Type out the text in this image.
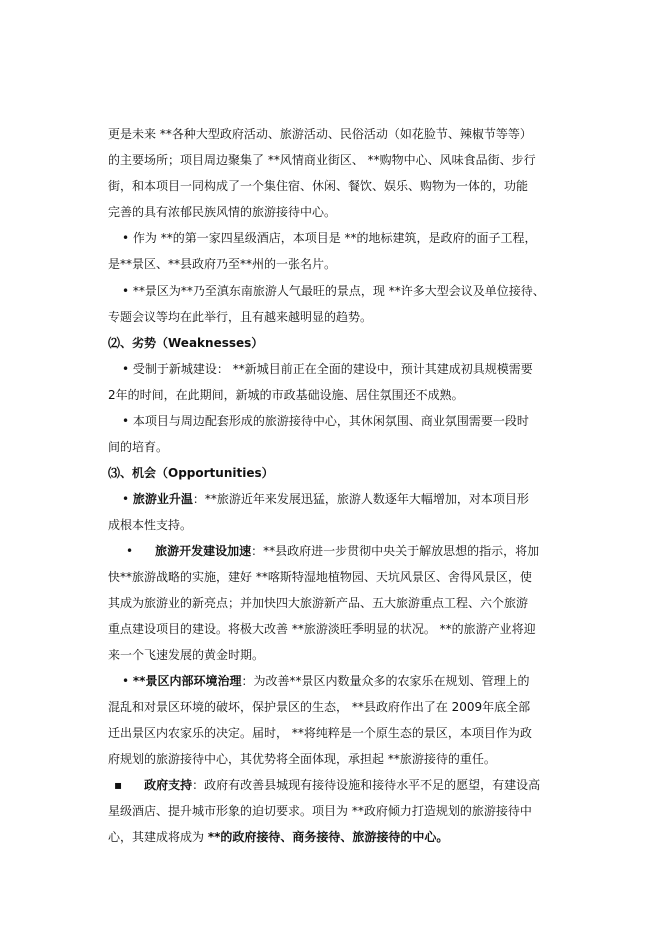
更是未来 **各种大型政府活动、旅游活动、民俗活动（如花脸节、辣椒节等等）
的主要场所；项目周边聚集了 **风情商业街区、 **购物中心、风味食品街、步行
街，和本项目一同构成了一个集住宿、休闲、餐饮、娱乐、购物为一体的，功能
完善的具有浓郁民族风情的旅游接待中心。
• 作为 **的第一家四星级酒店，本项目是 **的地标建筑，是政府的面子工程，
是**景区、**县政府乃至**州的一张名片。
• **景区为**乃至滇东南旅游人气最旺的景点，现 **许多大型会议及单位接待、
专题会议等均在此举行，且有越来越明显的趋势。
⑵、劣势（Weaknesses）
• 受制于新城建设： **新城目前正在全面的建设中，预计其建成初具规模需要
2年的时间，在此期间，新城的市政基础设施、居住氛围还不成熟。
• 本项目与周边配套形成的旅游接待中心，其休闲氛围、商业氛围需要一段时
间的培育。
⑶、机会（Opportunities）
• 旅游业升温：**旅游近年来发展迅猛，旅游人数逐年大幅增加，对本项目形
成根本性支持。
• 旅游开发建设加速：**县政府进一步贯彻中央关于解放思想的指示，将加
快**旅游战略的实施，建好 **喀斯特湿地植物园、天坑风景区、舍得风景区，使
其成为旅游业的新亮点；并加快四大旅游新产品、五大旅游重点工程、六个旅游
重点建设项目的建设。将极大改善 **旅游淡旺季明显的状况。 **的旅游产业将迎
来一个飞速发展的黄金时期。
• **景区内部环境治理：为改善**景区内数量众多的农家乐在规划、管理上的
混乱和对景区环境的破坏，保护景区的生态， **县政府作出了在 2009年底全部
迁出景区内农家乐的决定。届时， **将纯粹是一个原生态的景区，本项目作为政
府规划的旅游接待中心，其优势将全面体现，承担起 **旅游接待的重任。
▪ 政府支持：政府有改善县城现有接待设施和接待水平不足的愿望，有建设高
星级酒店、提升城市形象的迫切要求。项目为 **政府倾力打造规划的旅游接待中
心，其建成将成为 **的政府接待、商务接待、旅游接待的中心。
